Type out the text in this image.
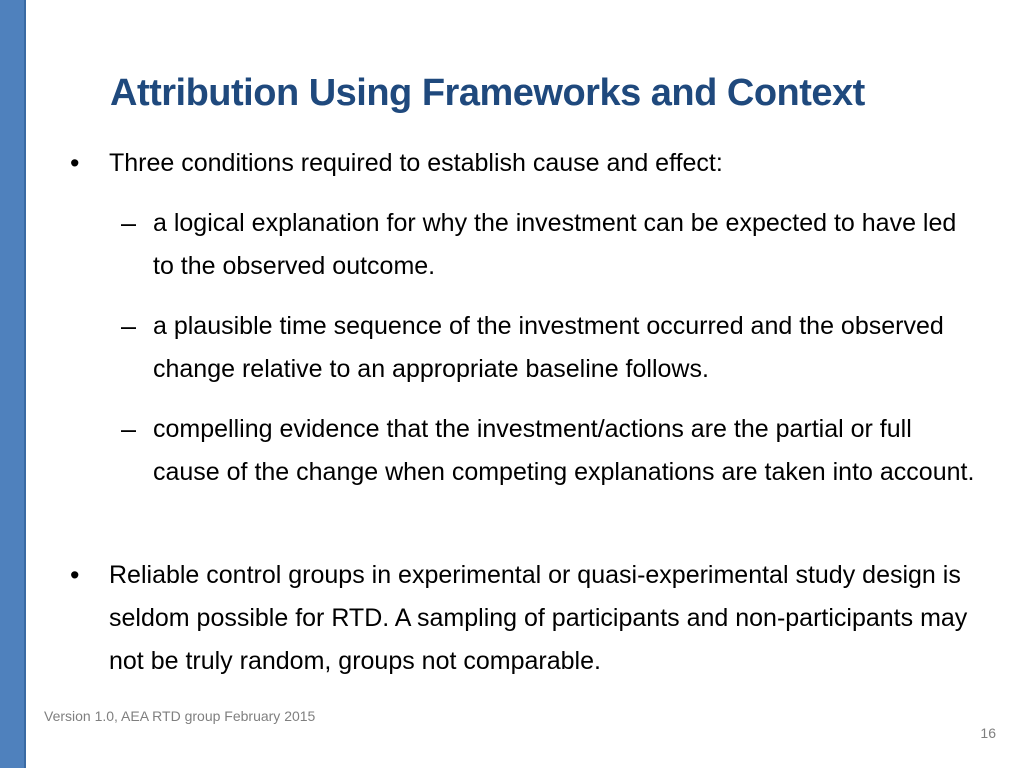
Attribution Using Frameworks and Context
• Three conditions required to establish cause and effect:

– a logical explanation for why the investment can be expected to have led to the observed outcome.

– a plausible time sequence of the investment occurred and the observed change relative to an appropriate baseline follows.

– compelling evidence that the investment/actions are the partial or full cause of the change when competing explanations are taken into account.

• Reliable control groups in experimental or quasi-experimental study design is seldom possible for RTD. A sampling of participants and non-participants may not be truly random, groups not comparable.

Version 1.0, AEA RTD group February 2015
16
